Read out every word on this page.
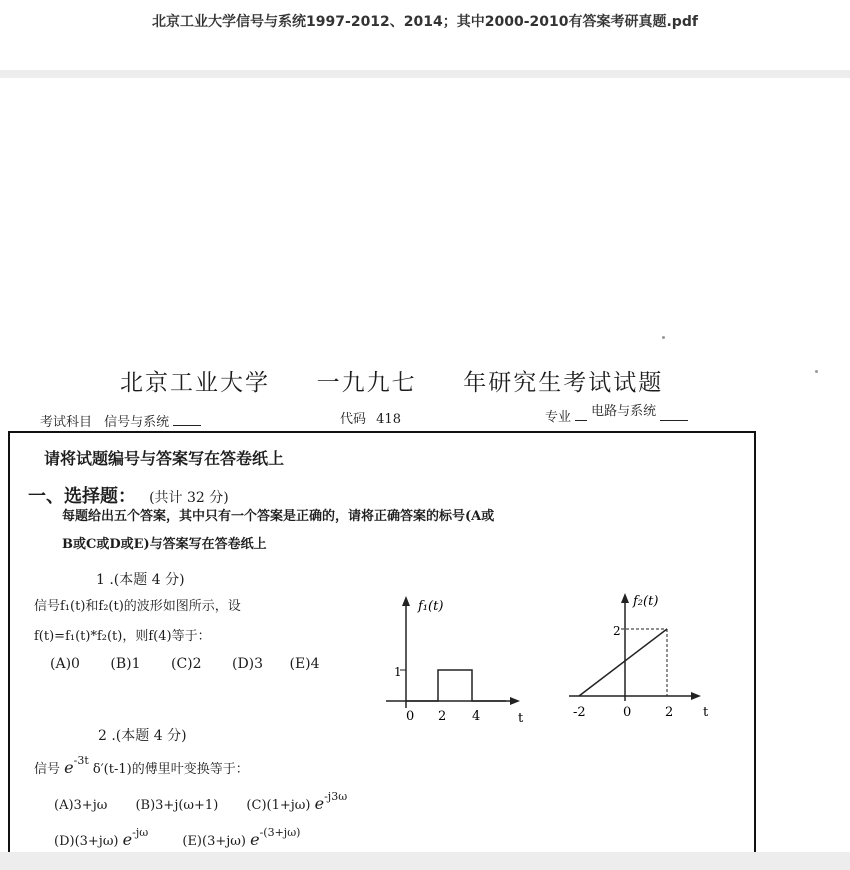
北京工业大学信号与系统1997-2012、2014；其中2000-2010有答案考研真题.pdf
北京工业大学 一九九七 年研究生考试试题
考试科目 信号与系统	代码 418	专业 电路与系统
请将试题编号与答案写在答卷纸上
一、选择题： (共计 32 分)
每题给出五个答案，其中只有一个答案是正确的，请将正确答案的标号(A或
B或C或D或E)与答案写在答卷纸上
1 .(本题 4 分)
信号f₁(t)和f₂(t)的波形如图所示，设
f(t)=f₁(t)*f₂(t)，则f(4)等于：
(A)0 (B)1 (C)2 (D)3 (E)4
f₁(t)
1
0 2 4	t
f₂(t)
2
-2	0	2 t
2 .(本题 4 分)
信号 $e^{-3t}$ δ′(t-1)的傅里叶变换等于：
(A)3+jω (B)3+j(ω+1) (C)(1+jω) $e^{-j3\omega}$
(D)(3+jω) $e^{-j\omega}$ (E)(3+jω) $e^{-(3+j\omega)}$
